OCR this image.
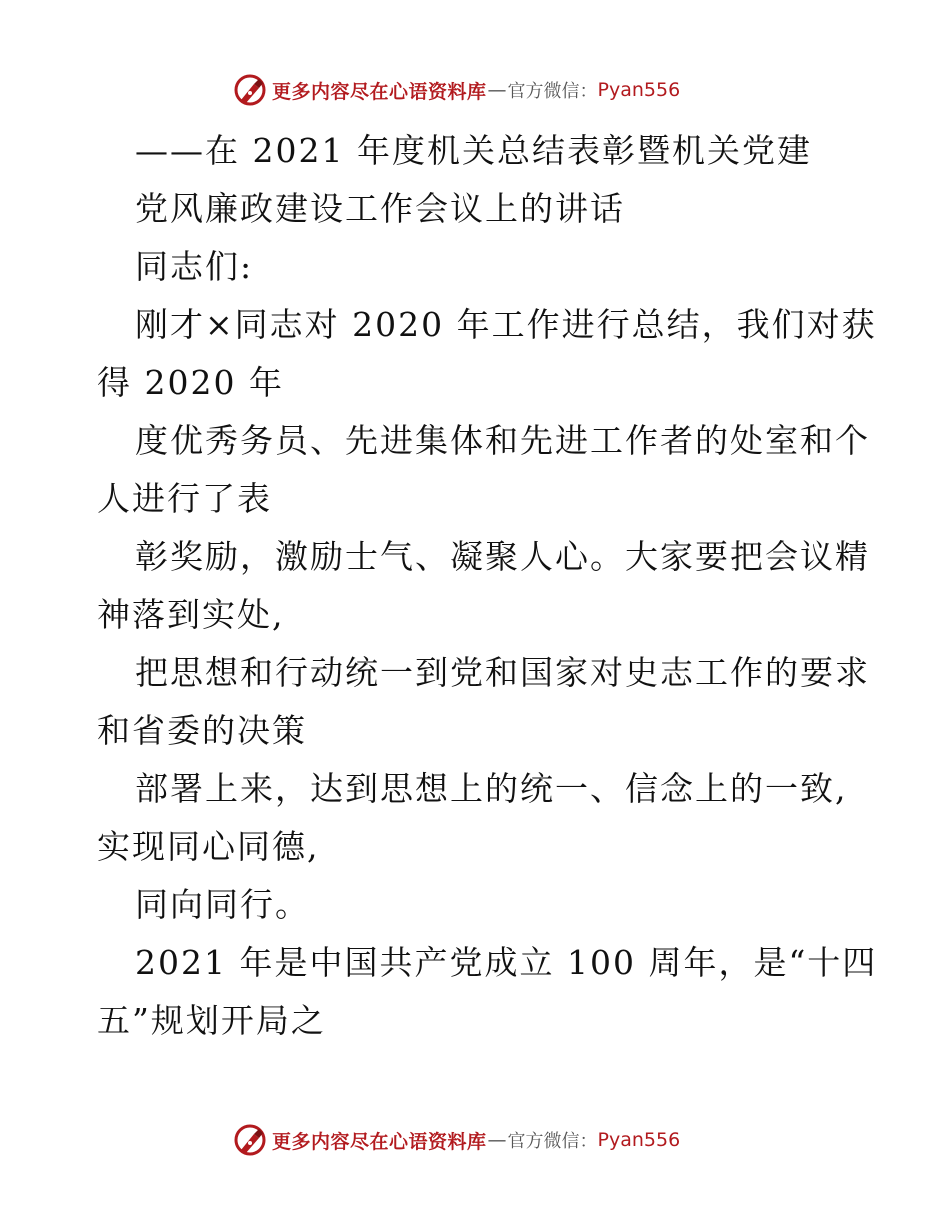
更多内容尽在心语资料库 — 官方微信： Pyan556
——在 2021 年度机关总结表彰暨机关党建
党风廉政建设工作会议上的讲话
同志们:
刚才×同志对 2020 年工作进行总结，我们对获
得 2020 年
度优秀务员、先进集体和先进工作者的处室和个
人进行了表
彰奖励，激励士气、凝聚人心。大家要把会议精
神落到实处,
把思想和行动统一到党和国家对史志工作的要求
和省委的决策
部署上来，达到思想上的统一、信念上的一致,
实现同心同德,
同向同行。
2021 年是中国共产党成立 100 周年，是“十四
五”规划开局之
更多内容尽在心语资料库 — 官方微信： Pyan556
